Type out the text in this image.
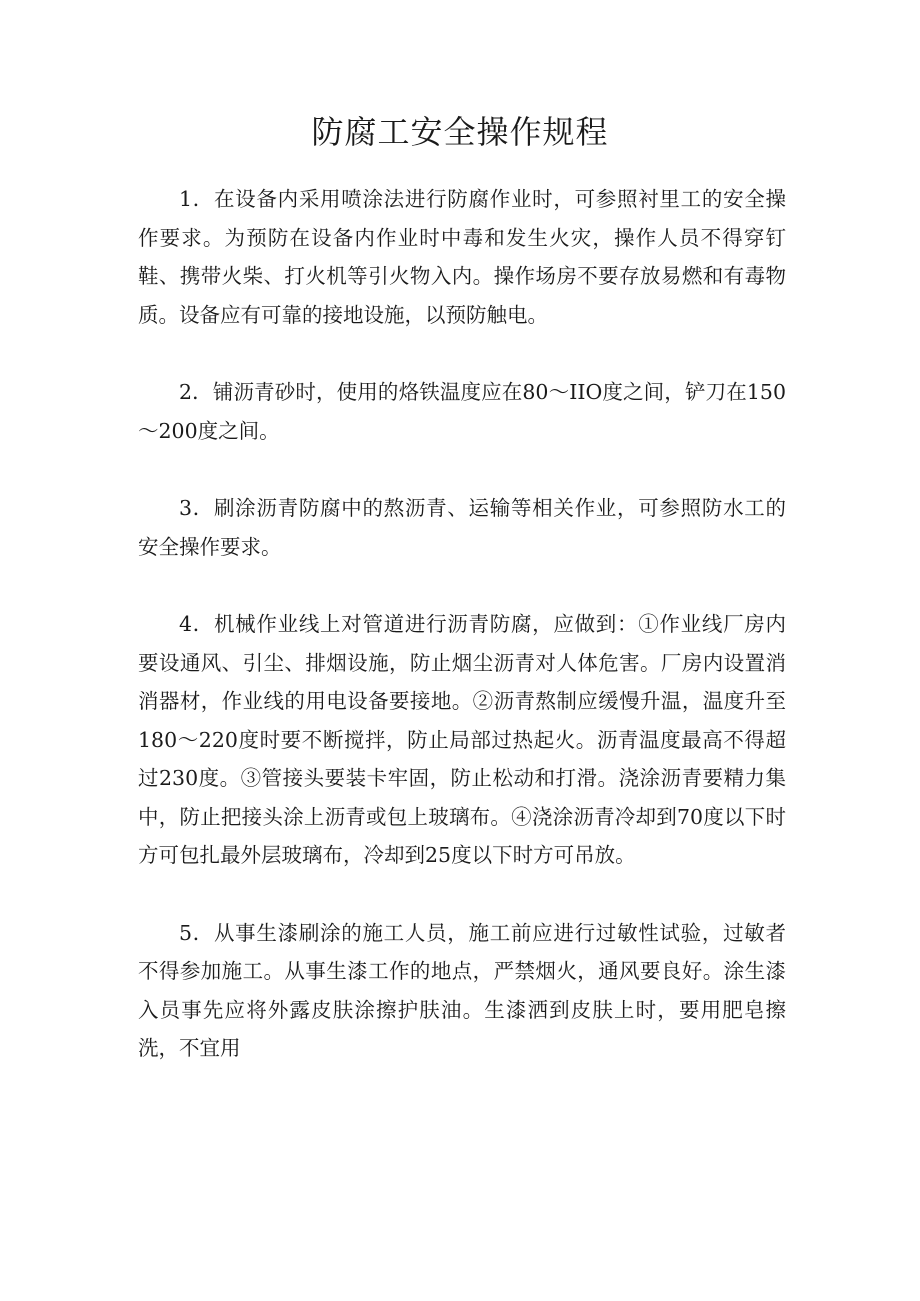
防腐工安全操作规程

1．在设备内采用喷涂法进行防腐作业时，可参照衬里工的安全操作要求。为预防在设备内作业时中毒和发生火灾，操作人员不得穿钉鞋、携带火柴、打火机等引火物入内。操作场房不要存放易燃和有毒物质。设备应有可靠的接地设施，以预防触电。

2．铺沥青砂时，使用的烙铁温度应在80～IIO度之间，铲刀在150～200度之间。

3．刷涂沥青防腐中的熬沥青、运输等相关作业，可参照防水工的安全操作要求。

4．机械作业线上对管道进行沥青防腐，应做到：①作业线厂房内要设通风、引尘、排烟设施，防止烟尘沥青对人体危害。厂房内设置消消器材，作业线的用电设备要接地。②沥青熬制应缓慢升温，温度升至180～220度时要不断搅拌，防止局部过热起火。沥青温度最高不得超过230度。③管接头要装卡牢固，防止松动和打滑。浇涂沥青要精力集中，防止把接头涂上沥青或包上玻璃布。④浇涂沥青冷却到70度以下时方可包扎最外层玻璃布，冷却到25度以下时方可吊放。

5．从事生漆刷涂的施工人员，施工前应进行过敏性试验，过敏者不得参加施工。从事生漆工作的地点，严禁烟火，通风要良好。涂生漆入员事先应将外露皮肤涂擦护肤油。生漆洒到皮肤上时，要用肥皂擦洗，不宜用
